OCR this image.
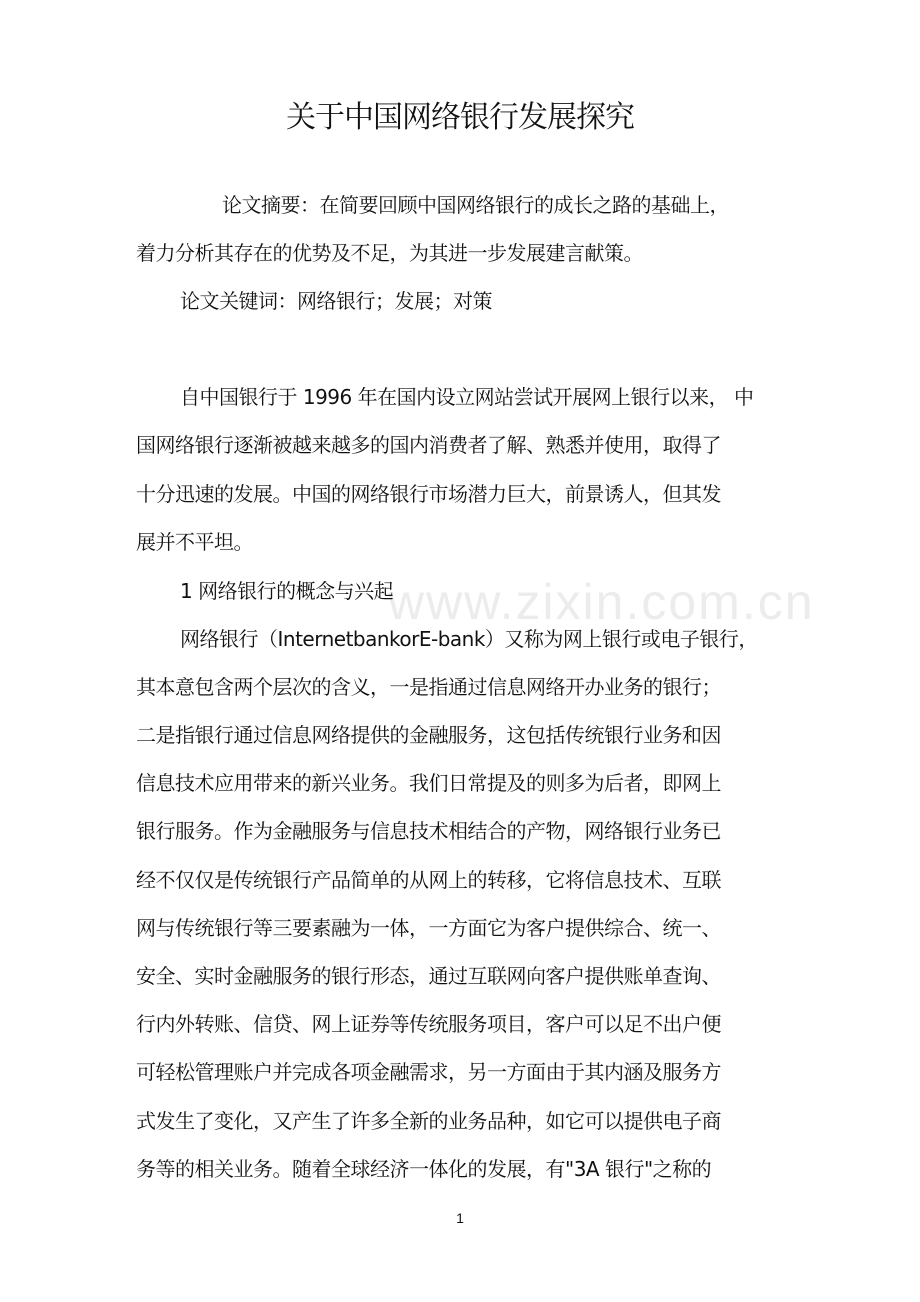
www.zixin.com.cn
关于中国网络银行发展探究
论文摘要：在简要回顾中国网络银行的成长之路的基础上，
着力分析其存在的优势及不足，为其进一步发展建言献策。
论文关键词：网络银行；发展；对策
自中国银行于 1996 年在国内设立网站尝试开展网上银行以来， 中
国网络银行逐渐被越来越多的国内消费者了解、熟悉并使用，取得了
十分迅速的发展。中国的网络银行市场潜力巨大，前景诱人，但其发
展并不平坦。
1 网络银行的概念与兴起
网络银行（InternetbankorE-bank）又称为网上银行或电子银行，
其本意包含两个层次的含义，一是指通过信息网络开办业务的银行；
二是指银行通过信息网络提供的金融服务，这包括传统银行业务和因
信息技术应用带来的新兴业务。我们日常提及的则多为后者，即网上
银行服务。作为金融服务与信息技术相结合的产物，网络银行业务已
经不仅仅是传统银行产品简单的从网上的转移，它将信息技术、互联
网与传统银行等三要素融为一体，一方面它为客户提供综合、统一、
安全、实时金融服务的银行形态，通过互联网向客户提供账单查询、
行内外转账、信贷、网上证券等传统服务项目，客户可以足不出户便
可轻松管理账户并完成各项金融需求，另一方面由于其内涵及服务方
式发生了变化，又产生了许多全新的业务品种，如它可以提供电子商
务等的相关业务。随着全球经济一体化的发展，有"3A 银行"之称的
1
